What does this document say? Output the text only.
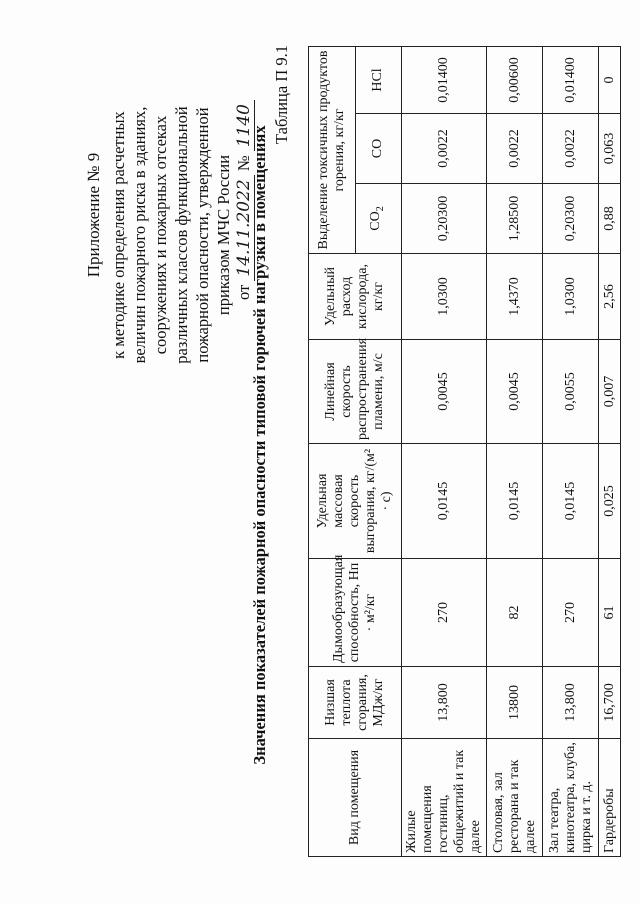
Приложение № 9 к методике определения расчетных величин пожарного риска в зданиях, сооружениях и пожарных отсеках различных классов функциональной пожарной опасности, утвержденной приказом МЧС России от 14.11.2022 № 1140 Таблица П 9.1
Значения показателей пожарной опасности типовой горючей нагрузки в помещениях
Вид помещения	Низшая теплота сгорания, МДж/кг	Дымообразующая способность, Нп · м²/кг	Удельная массовая скорость выгорания, кг/(м² · с)	Линейная скорость распространения пламени, м/с	Удельный расход кислорода, кг/кг	Выделение токсичных продуктов горения, кг/кг		
						$CO_2$	CO	HCl
Жилые помещения гостиниц, общежитий и так далее	13,800	270	0,0145	0,0045	1,0300	0,20300	0,0022	0,01400
Столовая, зал ресторана и так далее	13800	82	0,0145	0,0045	1,4370	1,28500	0,0022	0,00600
Зал театра, кинотеатра, клуба, цирка и т. д.	13,800	270	0,0145	0,0055	1,0300	0,20300	0,0022	0,01400
Гардеробы	16,700	61	0,025	0,007	2,56	0,88	0,063	0
